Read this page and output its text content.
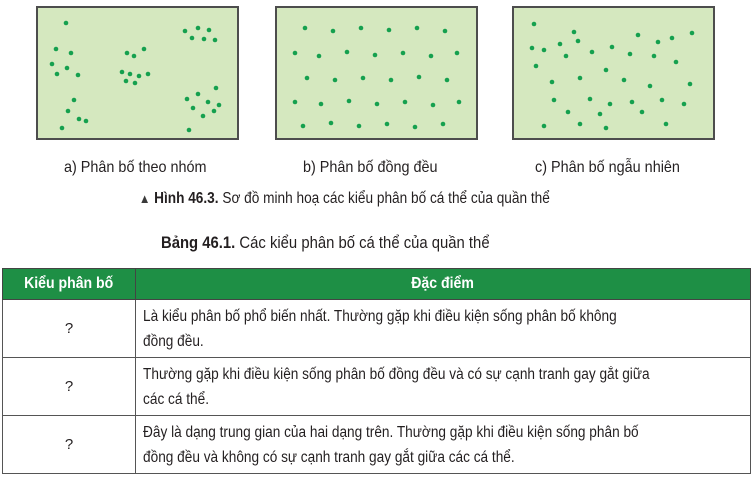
a) Phân bố theo nhóm	b) Phân bố đồng đều	c) Phân bố ngẫu nhiên
▲ Hình 46.3. Sơ đồ minh hoạ các kiểu phân bố cá thể của quần thể
Bảng 46.1. Các kiểu phân bố cá thể của quần thể
Kiểu phân bố	Đặc điểm
?	Là kiểu phân bố phổ biến nhất. Thường gặp khi điều kiện sống phân bố không
đồng đều.

?	Thường gặp khi điều kiện sống phân bố đồng đều và có sự cạnh tranh gay gắt giữa
các cá thể.

?	Đây là dạng trung gian của hai dạng trên. Thường gặp khi điều kiện sống phân bố
đồng đều và không có sự cạnh tranh gay gắt giữa các cá thể.
